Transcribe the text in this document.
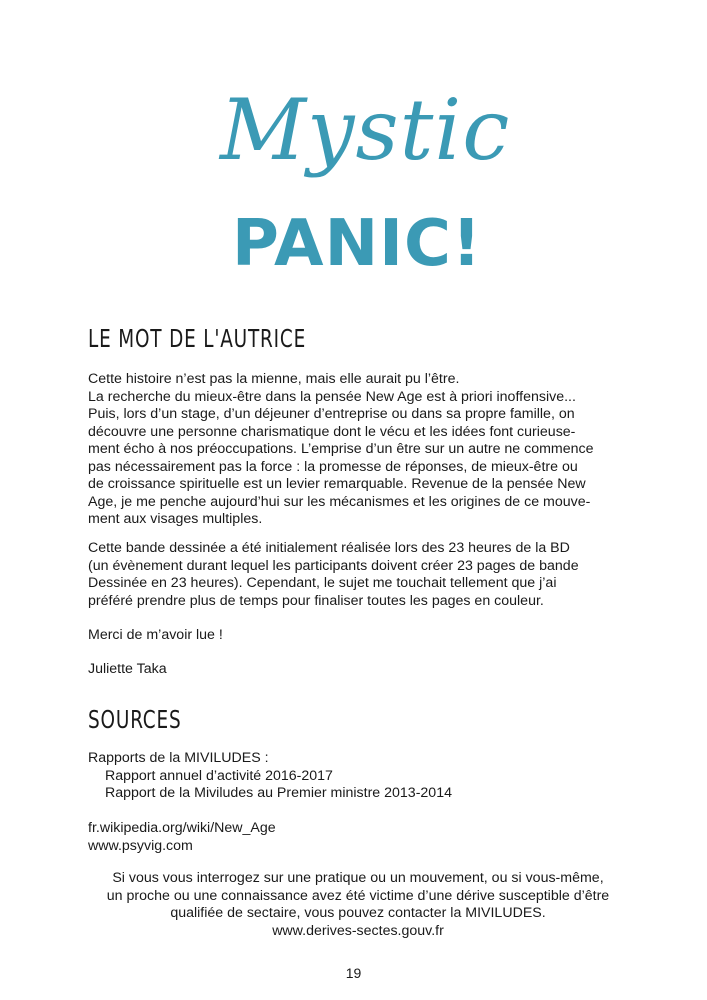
Mystic
PANIC!
LE MOT DE L'AUTRICE

Cette histoire n’est pas la mienne, mais elle aurait pu l’être.
La recherche du mieux-être dans la pensée New Age est à priori inoffensive...
Puis, lors d’un stage, d’un déjeuner d’entreprise ou dans sa propre famille, on
découvre une personne charismatique dont le vécu et les idées font curieuse-
ment écho à nos préoccupations. L’emprise d’un être sur un autre ne commence
pas nécessairement pas la force : la promesse de réponses, de mieux-être ou
de croissance spirituelle est un levier remarquable. Revenue de la pensée New
Age, je me penche aujourd’hui sur les mécanismes et les origines de ce mouve-
ment aux visages multiples.

Cette bande dessinée a été initialement réalisée lors des 23 heures de la BD
(un évènement durant lequel les participants doivent créer 23 pages de bande
Dessinée en 23 heures). Cependant, le sujet me touchait tellement que j’ai
préféré prendre plus de temps pour finaliser toutes les pages en couleur.

Merci de m’avoir lue !
Juliette Taka
SOURCES
Rapports de la MIVILUDES :
Rapport annuel d’activité 2016-2017
Rapport de la Miviludes au Premier ministre 2013-2014
fr.wikipedia.org/wiki/New_Age
www.psyvig.com
Si vous vous interrogez sur une pratique ou un mouvement, ou si vous-même,
un proche ou une connaissance avez été victime d’une dérive susceptible d’être
qualifiée de sectaire, vous pouvez contacter la MIVILUDES.
www.derives-sectes.gouv.fr
19
